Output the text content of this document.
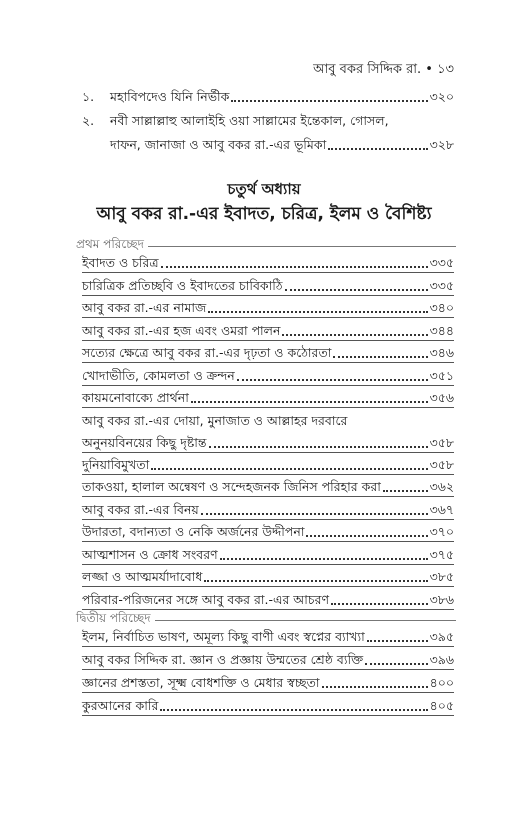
আবু বকর সিদ্দিক রা. • ১৩
১. মহাবিপদেও যিনি নির্ভীক	৩২০
২. নবী সাল্লাল্লাহু আলাইহি ওয়া সাল্লামের ইন্তেকাল, গোসল,
দাফন, জানাজা ও আবু বকর রা.-এর ভূমিকা	৩২৮
চতুর্থ অধ্যায়
আবু বকর রা.-এর ইবাদত, চরিত্র, ইলম ও বৈশিষ্ট্য
প্রথম পরিচ্ছেদ
ইবাদত ও চরিত্র	৩৩৫
চারিত্রিক প্রতিচ্ছবি ও ইবাদতের চাবিকাঠি	৩৩৫
আবু বকর রা.-এর নামাজ	৩৪০
আবু বকর রা.-এর হজ এবং ওমরা পালন	৩৪৪
সত্যের ক্ষেত্রে আবু বকর রা.-এর দৃঢ়তা ও কঠোরতা	৩৪৬
খোদাভীতি, কোমলতা ও ক্রন্দন	৩৫১
কায়মনোবাক্যে প্রার্থনা	৩৫৬
আবু বকর রা.-এর দোয়া, মুনাজাত ও আল্লাহর দরবারে
অনুনয়বিনয়ের কিছু দৃষ্টান্ত	৩৫৮
দুনিয়াবিমুখতা	৩৫৮
তাকওয়া, হালাল অন্বেষণ ও সন্দেহজনক জিনিস পরিহার করা	৩৬২
আবু বকর রা.-এর বিনয়	৩৬৭
উদারতা, বদান্যতা ও নেকি অর্জনের উদ্দীপনা	৩৭০
আত্মশাসন ও ক্রোধ সংবরণ	৩৭৫
লজ্জা ও আত্মমর্যাদাবোধ	৩৮৫
পরিবার-পরিজনের সঙ্গে আবু বকর রা.-এর আচরণ	৩৮৬
দ্বিতীয় পরিচ্ছেদ
ইলম, নির্বাচিত ভাষণ, অমূল্য কিছু বাণী এবং স্বপ্নের ব্যাখ্যা	৩৯৫
আবু বকর সিদ্দিক রা. জ্ঞান ও প্রজ্ঞায় উম্মতের শ্রেষ্ঠ ব্যক্তি	৩৯৬
জ্ঞানের প্রশস্ততা, সূক্ষ্ম বোধশক্তি ও মেধার স্বচ্ছতা	৪০০
কুরআনের কারি	৪০৫
